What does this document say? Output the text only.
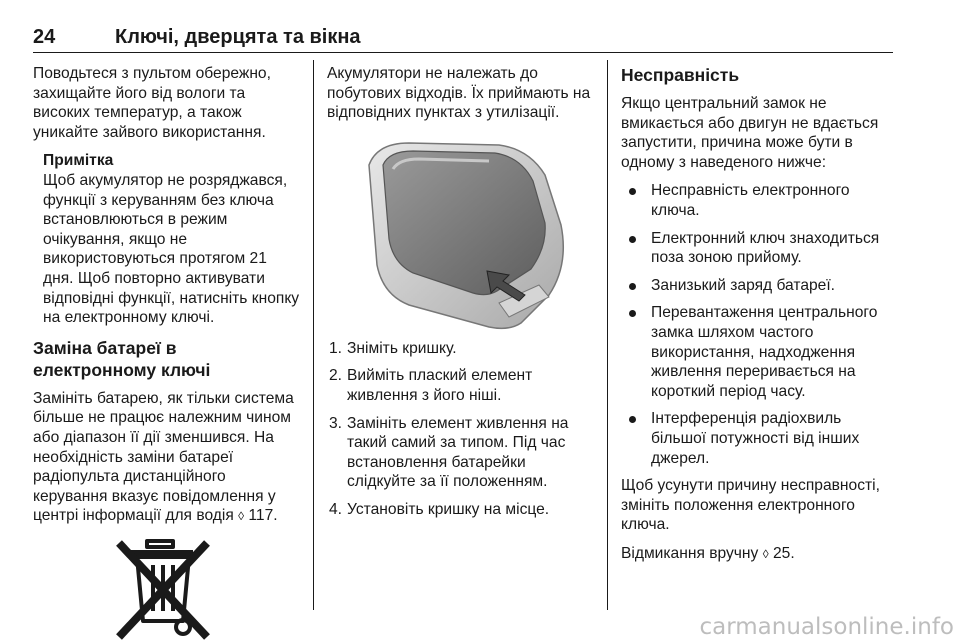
24	Ключі, дверцята та вікна

Поводьтеся з пультом обережно, захищайте його від вологи та високих температур, а також уникайте зайвого використання.

Примітка

Щоб акумулятор не розряджався, функції з керуванням без ключа встановлюються в режим очікування, якщо не використовуються протягом 21 дня. Щоб повторно активувати відповідні функції, натисніть кнопку на електронному ключі.

Заміна батареї в електронному ключі

Замініть батарею, як тільки система більше не працює належним чином або діапазон її дії зменшився. На необхідність заміни батареї радіопульта дистанційного керування вказує повідомлення у центрі інформації для водія ◊ 117.

Акумулятори не належать до побутових відходів. Їх приймають на відповідних пунктах з утилізації.

1. Зніміть кришку.
2. Вийміть плаский елемент живлення з його ніші.
3. Замініть елемент живлення на такий самий за типом. Під час встановлення батарейки слідкуйте за її положенням.
4. Установіть кришку на місце.
Несправність

Якщо центральний замок не вмикається або двигун не вдається запустити, причина може бути в одному з наведеного нижче:

Несправність електронного ключа.
Електронний ключ знаходиться поза зоною прийому.
Занизький заряд батареї.
Перевантаження центрального замка шляхом частого використання, надходження живлення переривається на короткий період часу.
Інтерференція радіохвиль більшої потужності від інших джерел.

Щоб усунути причину несправності, змініть положення електронного ключа.

Відмикання вручну ◊ 25.

carmanualsonline.info
